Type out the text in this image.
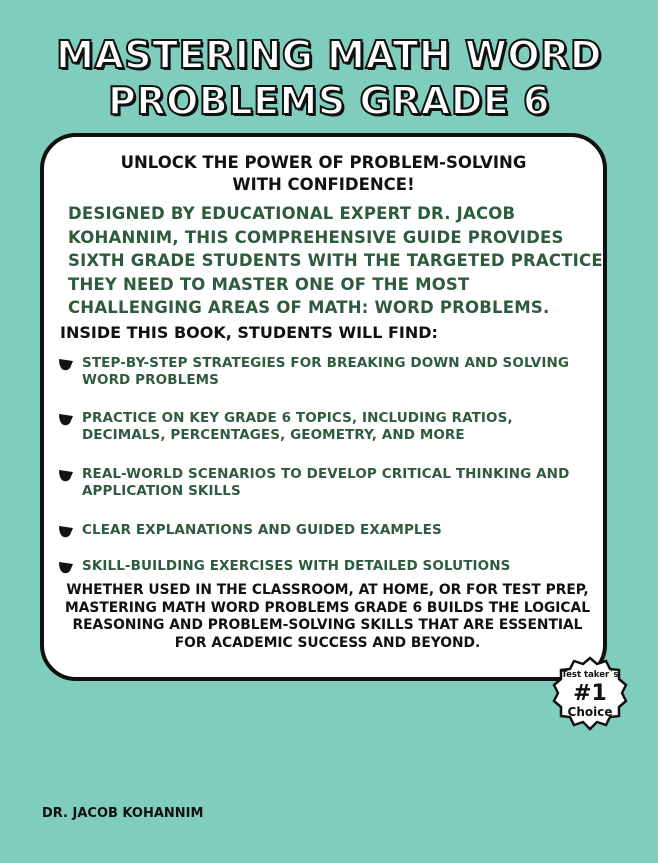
MASTERING MATH WORD
PROBLEMS GRADE 6
UNLOCK THE POWER OF PROBLEM-SOLVING
WITH CONFIDENCE!
DESIGNED BY EDUCATIONAL EXPERT DR. JACOB KOHANNIM, THIS COMPREHENSIVE GUIDE PROVIDES SIXTH GRADE STUDENTS WITH THE TARGETED PRACTICE THEY NEED TO MASTER ONE OF THE MOST CHALLENGING AREAS OF MATH: WORD PROBLEMS.
INSIDE THIS BOOK, STUDENTS WILL FIND:
STEP-BY-STEP STRATEGIES FOR BREAKING DOWN AND SOLVING WORD PROBLEMS
PRACTICE ON KEY GRADE 6 TOPICS, INCLUDING RATIOS, DECIMALS, PERCENTAGES, GEOMETRY, AND MORE
REAL-WORLD SCENARIOS TO DEVELOP CRITICAL THINKING AND APPLICATION SKILLS
CLEAR EXPLANATIONS AND GUIDED EXAMPLES
SKILL-BUILDING EXERCISES WITH DETAILED SOLUTIONS
WHETHER USED IN THE CLASSROOM, AT HOME, OR FOR TEST PREP, MASTERING MATH WORD PROBLEMS GRADE 6 BUILDS THE LOGICAL REASONING AND PROBLEM-SOLVING SKILLS THAT ARE ESSENTIAL FOR ACADEMIC SUCCESS AND BEYOND.
Test taker´s
#1
Choice
DR. JACOB KOHANNIM
